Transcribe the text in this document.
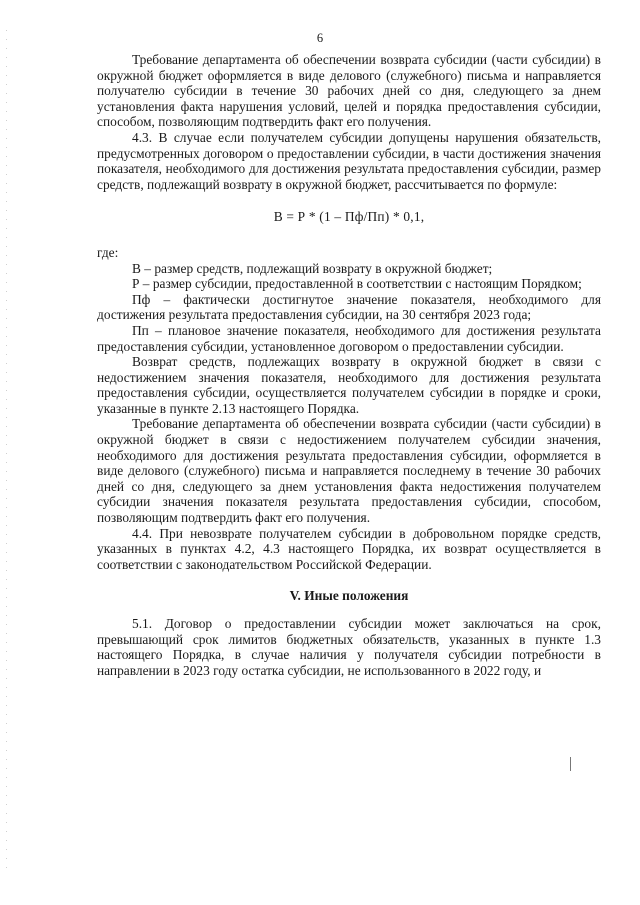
6

Требование департамента об обеспечении возврата субсидии (части субсидии) в окружной бюджет оформляется в виде делового (служебного) письма и направляется получателю субсидии в течение 30 рабочих дней со дня, следующего за днем установления факта нарушения условий, целей и порядка предоставления субсидии, способом, позволяющим подтвердить факт его получения.

4.3. В случае если получателем субсидии допущены нарушения обязательств, предусмотренных договором о предоставлении субсидии, в части достижения значения показателя, необходимого для достижения результата предоставления субсидии, размер средств, подлежащий возврату в окружной бюджет, рассчитывается по формуле:

В = Р * (1 – Пф/Пп) * 0,1,

где:

В – размер средств, подлежащий возврату в окружной бюджет;

Р – размер субсидии, предоставленной в соответствии с настоящим Порядком;

Пф – фактически достигнутое значение показателя, необходимого для достижения результата предоставления субсидии, на 30 сентября 2023 года;

Пп – плановое значение показателя, необходимого для достижения результата предоставления субсидии, установленное договором о предоставлении субсидии.

Возврат средств, подлежащих возврату в окружной бюджет в связи с недостижением значения показателя, необходимого для достижения результата предоставления субсидии, осуществляется получателем субсидии в порядке и сроки, указанные в пункте 2.13 настоящего Порядка.

Требование департамента об обеспечении возврата субсидии (части субсидии) в окружной бюджет в связи с недостижением получателем субсидии значения, необходимого для достижения результата предоставления субсидии, оформляется в виде делового (служебного) письма и направляется последнему в течение 30 рабочих дней со дня, следующего за днем установления факта недостижения получателем субсидии значения показателя результата предоставления субсидии, способом, позволяющим подтвердить факт его получения.

4.4. При невозврате получателем субсидии в добровольном порядке средств, указанных в пунктах 4.2, 4.3 настоящего Порядка, их возврат осуществляется в соответствии с законодательством Российской Федерации.

V. Иные положения

5.1. Договор о предоставлении субсидии может заключаться на срок, превышающий срок лимитов бюджетных обязательств, указанных в пункте 1.3 настоящего Порядка, в случае наличия у получателя субсидии потребности в направлении в 2023 году остатка субсидии, не использованного в 2022 году, и
